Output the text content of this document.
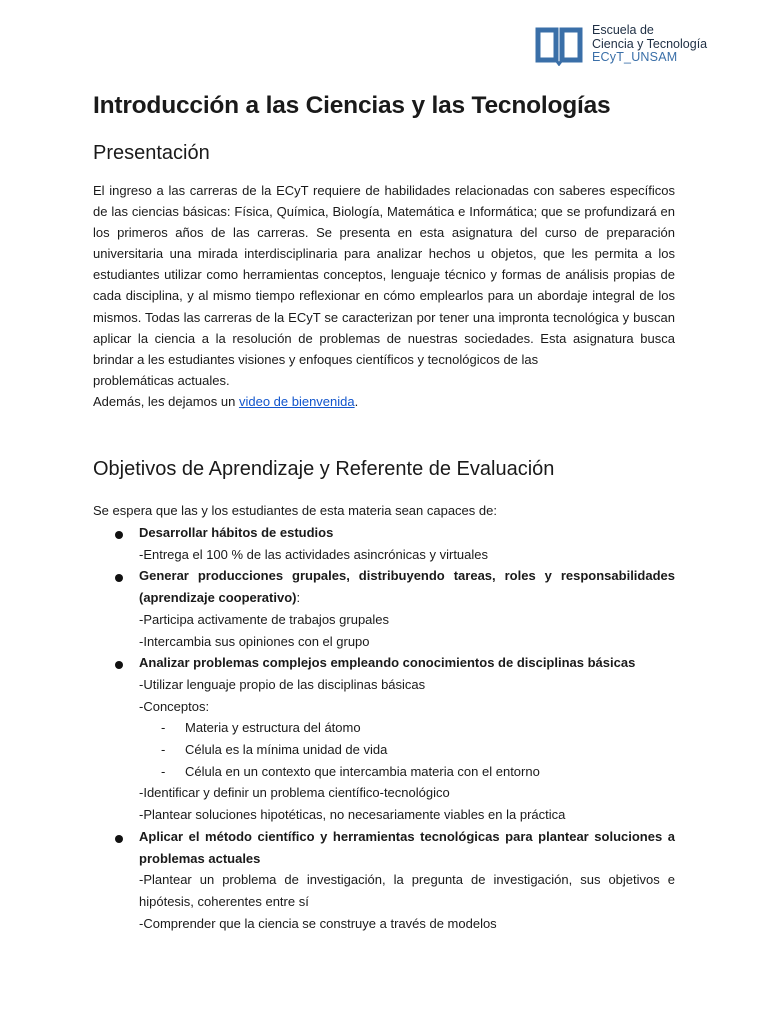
Escuela de
Ciencia y Tecnología
ECyT_UNSAM
Introducción a las Ciencias y las Tecnologías
Presentación

El ingreso a las carreras de la ECyT requiere de habilidades relacionadas con saberes específicos de las ciencias básicas: Física, Química, Biología, Matemática e Informática; que se profundizará en los primeros años de las carreras. Se presenta en esta asignatura del curso de preparación universitaria una mirada interdisciplinaria para analizar hechos u objetos, que les permita a los estudiantes utilizar como herramientas conceptos, lenguaje técnico y formas de análisis propias de cada disciplina, y al mismo tiempo reflexionar en cómo emplearlos para un abordaje integral de los mismos. Todas las carreras de la ECyT se caracterizan por tener una impronta tecnológica y buscan aplicar la ciencia a la resolución de problemas de nuestras sociedades. Esta asignatura busca brindar a les estudiantes visiones y enfoques científicos y tecnológicos de las
problemáticas actuales.
Además, les dejamos un video de bienvenida.

Objetivos de Aprendizaje y Referente de Evaluación

Se espera que las y los estudiantes de esta materia sean capaces de:

Desarrollar hábitos de estudios
-Entrega el 100 % de las actividades asincrónicas y virtuales
Generar producciones grupales, distribuyendo tareas, roles y responsabilidades (aprendizaje cooperativo):
-Participa activamente de trabajos grupales
-Intercambia sus opiniones con el grupo
Analizar problemas complejos empleando conocimientos de disciplinas básicas
-Utilizar lenguaje propio de las disciplinas básicas
-Conceptos:
- Materia y estructura del átomo
- Célula es la mínima unidad de vida
- Célula en un contexto que intercambia materia con el entorno
-Identificar y definir un problema científico-tecnológico
-Plantear soluciones hipotéticas, no necesariamente viables en la práctica
Aplicar el método científico y herramientas tecnológicas para plantear soluciones a problemas actuales
-Plantear un problema de investigación, la pregunta de investigación, sus objetivos e hipótesis, coherentes entre sí
-Comprender que la ciencia se construye a través de modelos
